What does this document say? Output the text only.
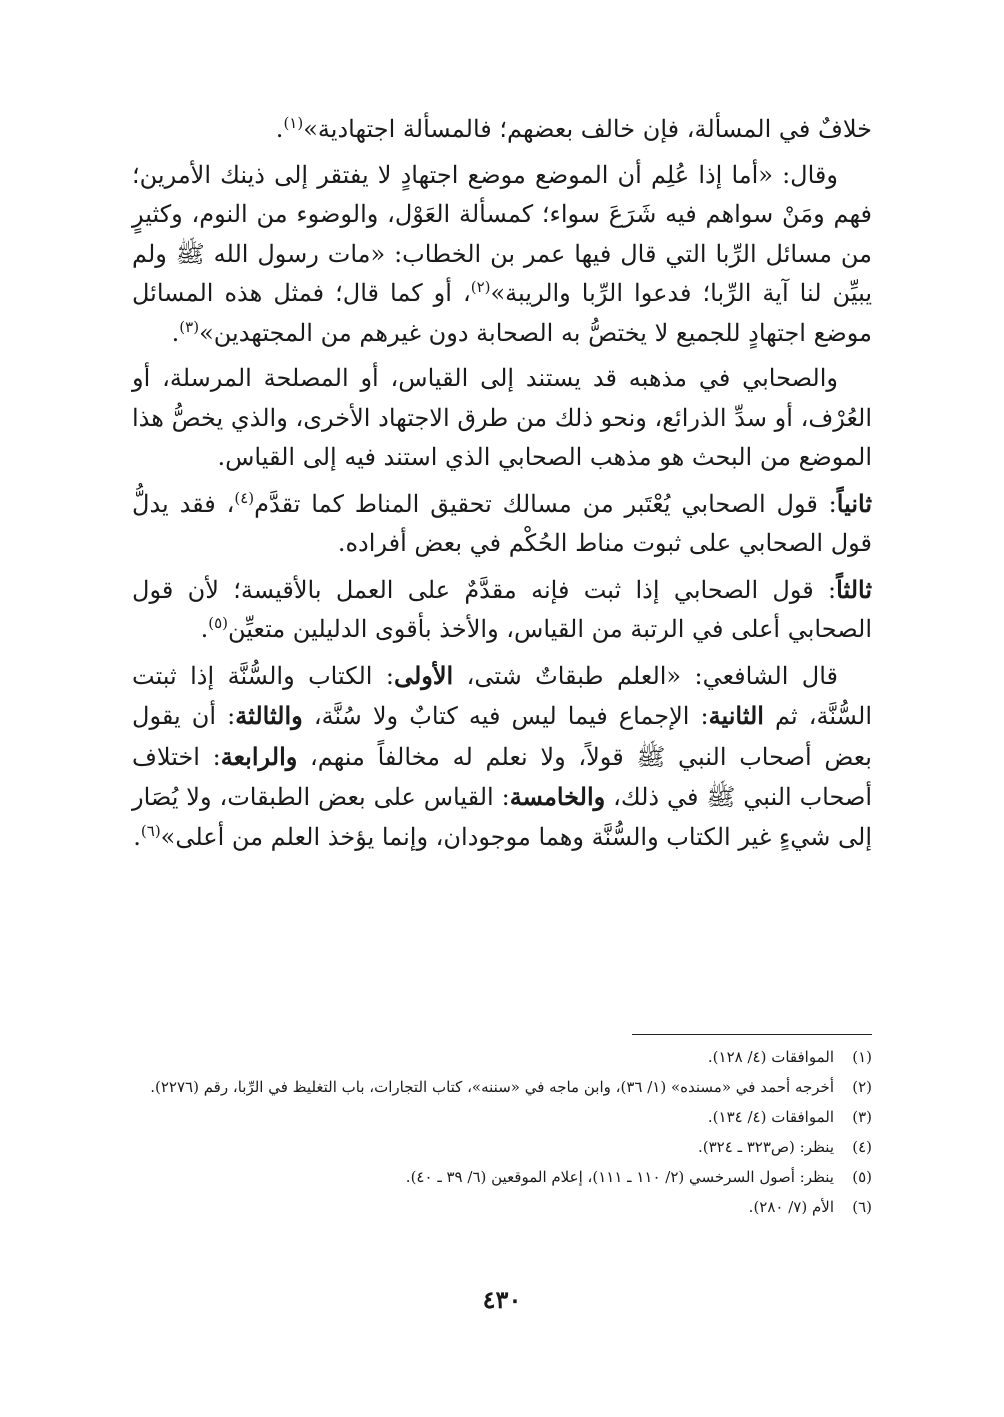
خلافٌ في المسألة، فإن خالف بعضهم؛ فالمسألة اجتهادية»$^{(١)}$.

وقال: «أما إذا عُلِم أن الموضع موضع اجتهادٍ لا يفتقر إلى ذينك الأمرين؛ فهم ومَنْ سواهم فيه شَرَعَ سواء؛ كمسألة العَوْل، والوضوء من النوم، وكثيرٍ من مسائل الرِّبا التي قال فيها عمر بن الخطاب: «مات رسول الله ﷺ ولم يبيِّن لنا آية الرِّبا؛ فدعوا الرِّبا والريبة»$^{(٢)}$، أو كما قال؛ فمثل هذه المسائل موضع اجتهادٍ للجميع لا يختصُّ به الصحابة دون غيرهم من المجتهدين»$^{(٣)}$.

والصحابي في مذهبه قد يستند إلى القياس، أو المصلحة المرسلة، أو العُرْف، أو سدِّ الذرائع، ونحو ذلك من طرق الاجتهاد الأخرى، والذي يخصُّ هذا الموضع من البحث هو مذهب الصحابي الذي استند فيه إلى القياس.

ثانياً: قول الصحابي يُعْتَبر من مسالك تحقيق المناط كما تقدَّم$^{(٤)}$، فقد يدلُّ قول الصحابي على ثبوت مناط الحُكْم في بعض أفراده.

ثالثاً: قول الصحابي إذا ثبت فإنه مقدَّمٌ على العمل بالأقيسة؛ لأن قول الصحابي أعلى في الرتبة من القياس، والأخذ بأقوى الدليلين متعيِّن$^{(٥)}$.

قال الشافعي: «العلم طبقاتٌ شتى، الأولى: الكتاب والسُّنَّة إذا ثبتت السُّنَّة، ثم الثانية: الإجماع فيما ليس فيه كتابٌ ولا سُنَّة، والثالثة: أن يقول بعض أصحاب النبي ﷺ قولاً، ولا نعلم له مخالفاً منهم، والرابعة: اختلاف أصحاب النبي ﷺ في ذلك، والخامسة: القياس على بعض الطبقات، ولا يُصَار إلى شيءٍ غير الكتاب والسُّنَّة وهما موجودان، وإنما يؤخذ العلم من أعلى»$^{(٦)}$.

(١)
الموافقات (٤/ ١٢٨).
(٢)
أخرجه أحمد في «مسنده» (١/ ٣٦)، وابن ماجه في «سننه»، كتاب التجارات، باب التغليظ في الرِّبا، رقم (٢٢٧٦).
(٣)
الموافقات (٤/ ١٣٤).
(٤)
ينظر: (ص٣٢٣ ـ ٣٢٤).
(٥)
ينظر: أصول السرخسي (٢/ ١١٠ ـ ١١١)، إعلام الموقعين (٦/ ٣٩ ـ ٤٠).
(٦)
الأم (٧/ ٢٨٠).
٤٣٠
